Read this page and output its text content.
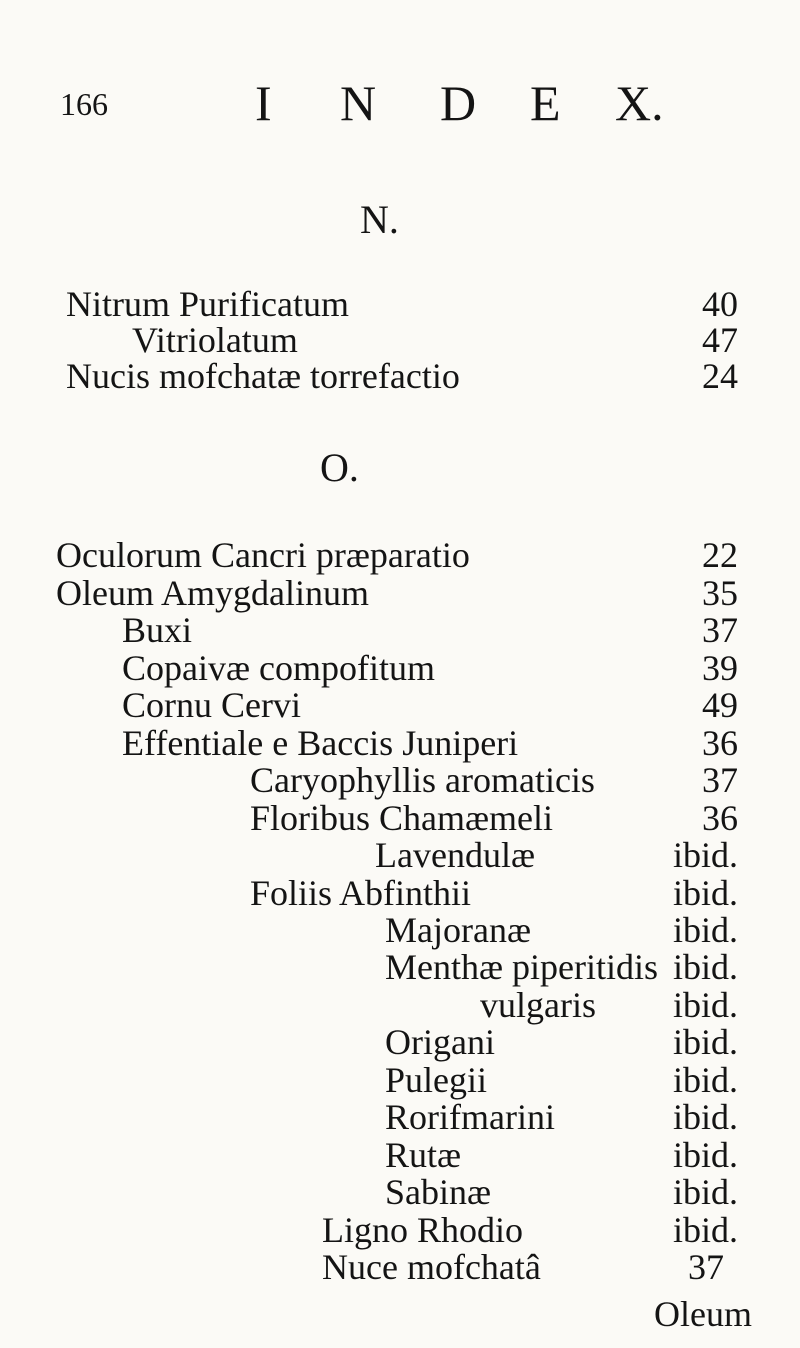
166	I N D E X.
N.
Nitrum Purificatum	40
Vitriolatum	47
Nucis mofchatæ torrefactio	24
O.
Oculorum Cancri præparatio	22
Oleum Amygdalinum	35
Buxi	37
Copaivæ compofitum	39
Cornu Cervi	49
Effentiale e Baccis Juniperi	36
Caryophyllis aromaticis	37
Floribus Chamæmeli	36
Lavendulæ	ibid.
Foliis Abfinthii	ibid.
Majoranæ	ibid.
Menthæ piperitidis ibid.
vulgaris ibid.
Origani	ibid.
Pulegii	ibid.
Rorifmarini	ibid.
Rutæ	ibid.
Sabinæ	ibid.
Ligno Rhodio	ibid.
Nuce mofchatâ	37
Oleum
